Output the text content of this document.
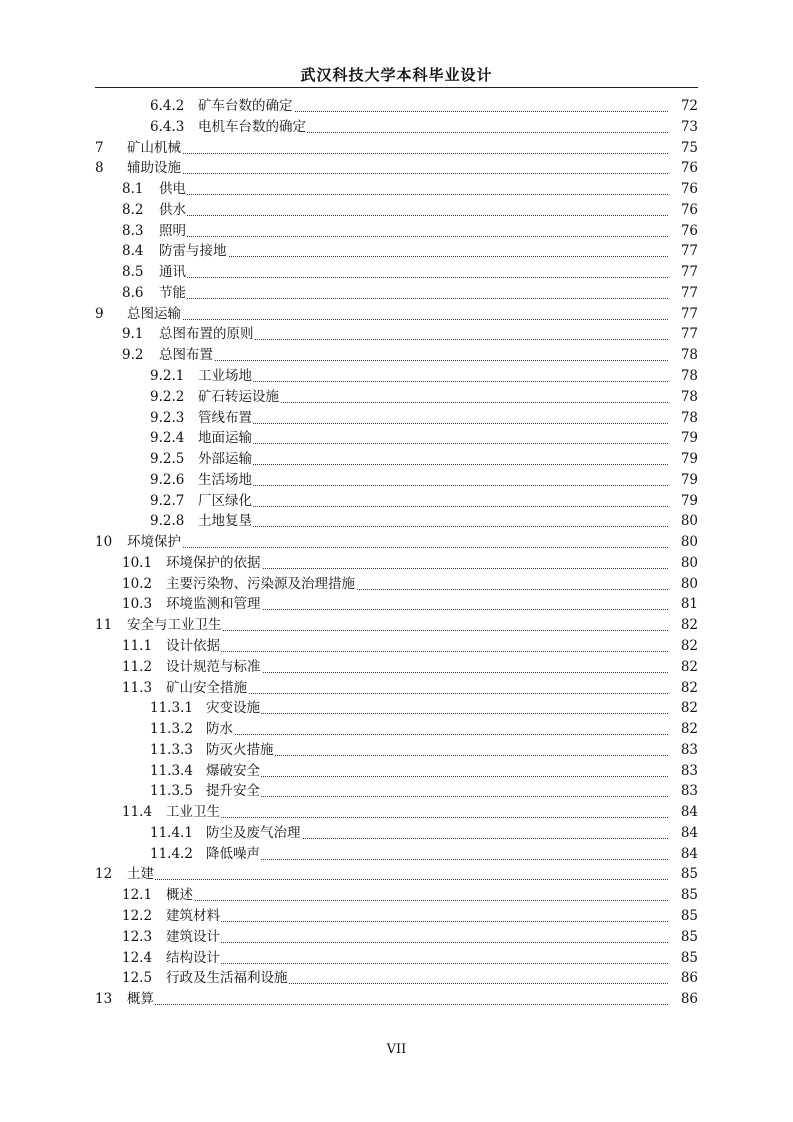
武汉科技大学本科毕业设计
6.4.2 矿车台数的确定	72
6.4.3 电机车台数的确定	73
7 矿山机械	75
8 辅助设施	76
8.1 供电	76
8.2 供水	76
8.3 照明	76
8.4 防雷与接地	77
8.5 通讯	77
8.6 节能	77
9 总图运输	77
9.1 总图布置的原则	77
9.2 总图布置	78
9.2.1 工业场地	78
9.2.2 矿石转运设施	78
9.2.3 管线布置	78
9.2.4 地面运输	79
9.2.5 外部运输	79
9.2.6 生活场地	79
9.2.7 厂区绿化	79
9.2.8 土地复垦	80
10 环境保护	80
10.1 环境保护的依据	80
10.2 主要污染物、污染源及治理措施	80
10.3 环境监测和管理	81
11 安全与工业卫生	82
11.1 设计依据	82
11.2 设计规范与标准	82
11.3 矿山安全措施	82
11.3.1 灾变设施	82
11.3.2 防水	82
11.3.3 防灭火措施	83
11.3.4 爆破安全	83
11.3.5 提升安全	83
11.4 工业卫生	84
11.4.1 防尘及废气治理	84
11.4.2 降低噪声	84
12 土建	85
12.1 概述	85
12.2 建筑材料	85
12.3 建筑设计	85
12.4 结构设计	85
12.5 行政及生活福利设施	86
13 概算	86
VII
